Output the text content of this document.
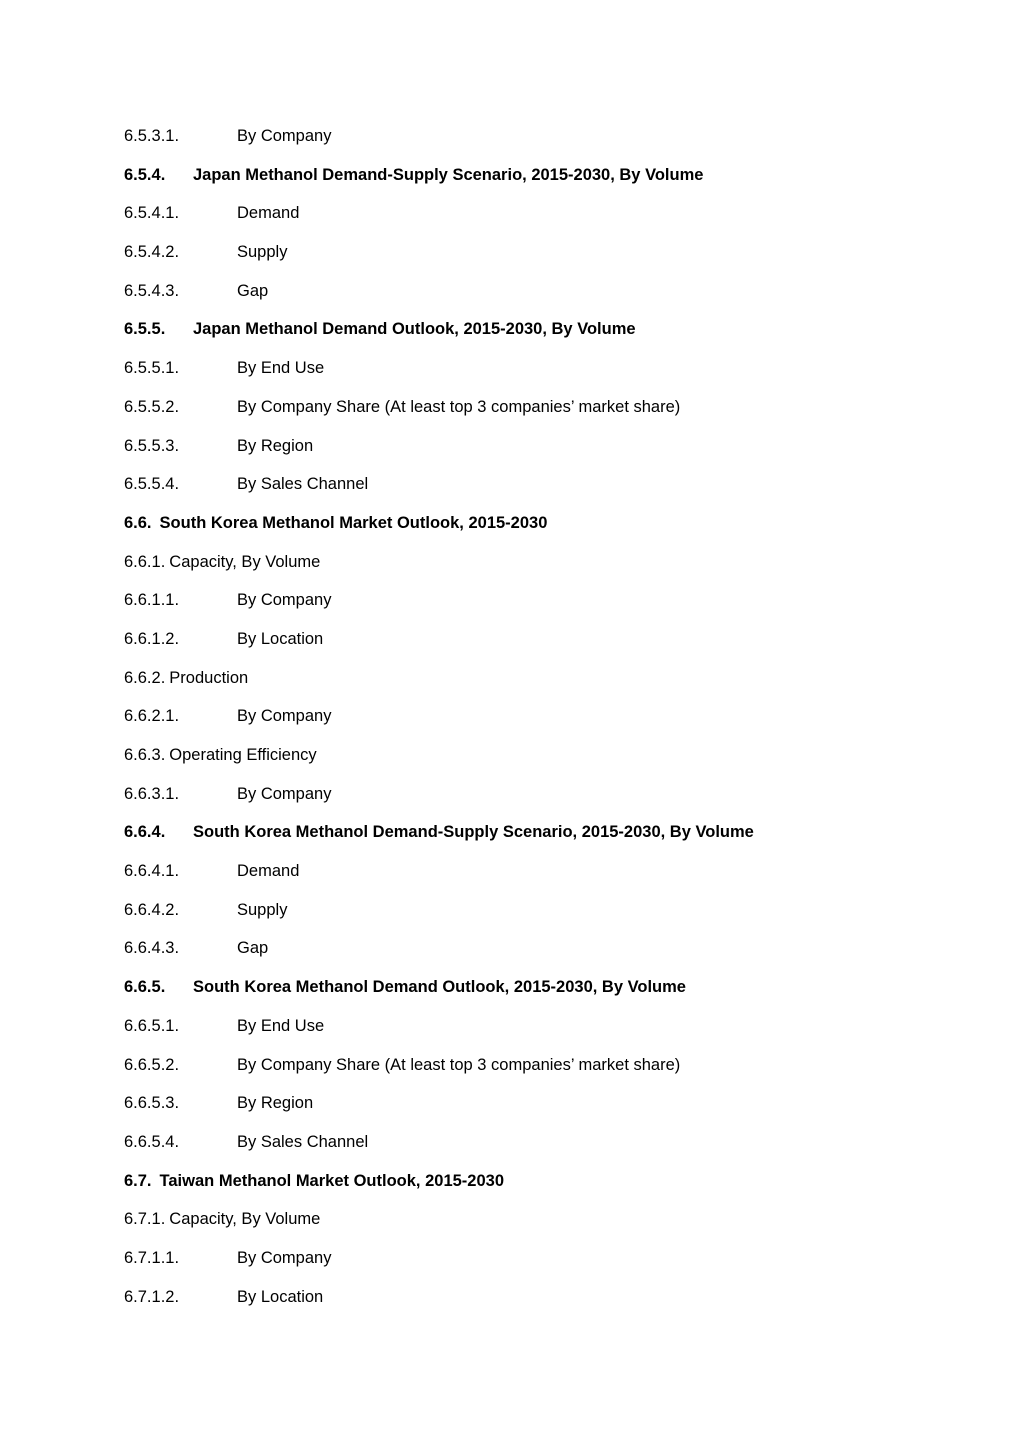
6.5.3.1.	By Company
6.5.4.	Japan Methanol Demand-Supply Scenario, 2015-2030, By Volume
6.5.4.1.	Demand
6.5.4.2.	Supply
6.5.4.3.	Gap
6.5.5.	Japan Methanol Demand Outlook, 2015-2030, By Volume
6.5.5.1.	By End Use
6.5.5.2.	By Company Share (At least top 3 companies’ market share)
6.5.5.3.	By Region
6.5.5.4.	By Sales Channel
6.6. South Korea Methanol Market Outlook, 2015-2030
6.6.1. Capacity, By Volume
6.6.1.1.	By Company
6.6.1.2.	By Location
6.6.2. Production
6.6.2.1.	By Company
6.6.3. Operating Efficiency
6.6.3.1.	By Company
6.6.4.	South Korea Methanol Demand-Supply Scenario, 2015-2030, By Volume
6.6.4.1.	Demand
6.6.4.2.	Supply
6.6.4.3.	Gap
6.6.5.	South Korea Methanol Demand Outlook, 2015-2030, By Volume
6.6.5.1.	By End Use
6.6.5.2.	By Company Share (At least top 3 companies’ market share)
6.6.5.3.	By Region
6.6.5.4.	By Sales Channel
6.7. Taiwan Methanol Market Outlook, 2015-2030
6.7.1. Capacity, By Volume
6.7.1.1.	By Company
6.7.1.2.	By Location
